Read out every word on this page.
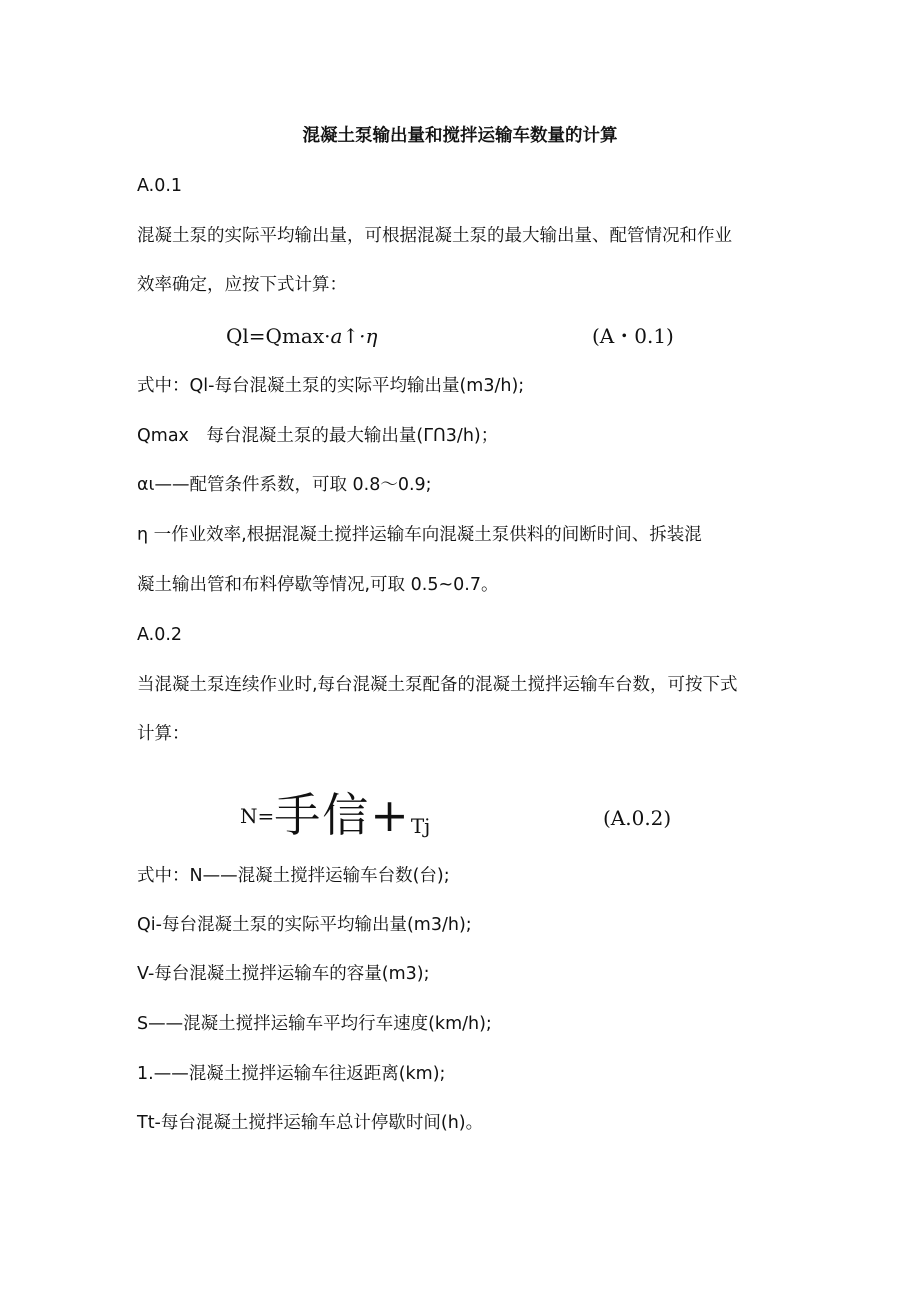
混凝土泵输出量和搅拌运输车数量的计算
A.0.1
混凝土泵的实际平均输出量，可根据混凝土泵的最大输出量、配管情况和作业
效率确定，应按下式计算：
Ql=Qmax·a↑·η	(A・0.1)
式中：Ql-每台混凝土泵的实际平均输出量(m3/h);
Qmax　每台混凝土泵的最大输出量(ΓՈ3/h)；
αι——配管条件系数，可取 0.8〜0.9;
η 一作业效率,根据混凝土搅拌运输车向混凝土泵供料的间断时间、拆装混
凝土输出管和布料停歇等情况,可取 0.5~0.7。
A.0.2
当混凝土泵连续作业时,每台混凝土泵配备的混凝土搅拌运输车台数，可按下式
计算：
N=手信+Tj	(A.0.2)
式中：N——混凝土搅拌运输车台数(台);
Qi-每台混凝土泵的实际平均输出量(m3/h);
V-每台混凝土搅拌运输车的容量(m3);
S——混凝土搅拌运输车平均行车速度(km/h);
1.——混凝土搅拌运输车往返距离(km);
Tt-每台混凝土搅拌运输车总计停歇时间(h)。
